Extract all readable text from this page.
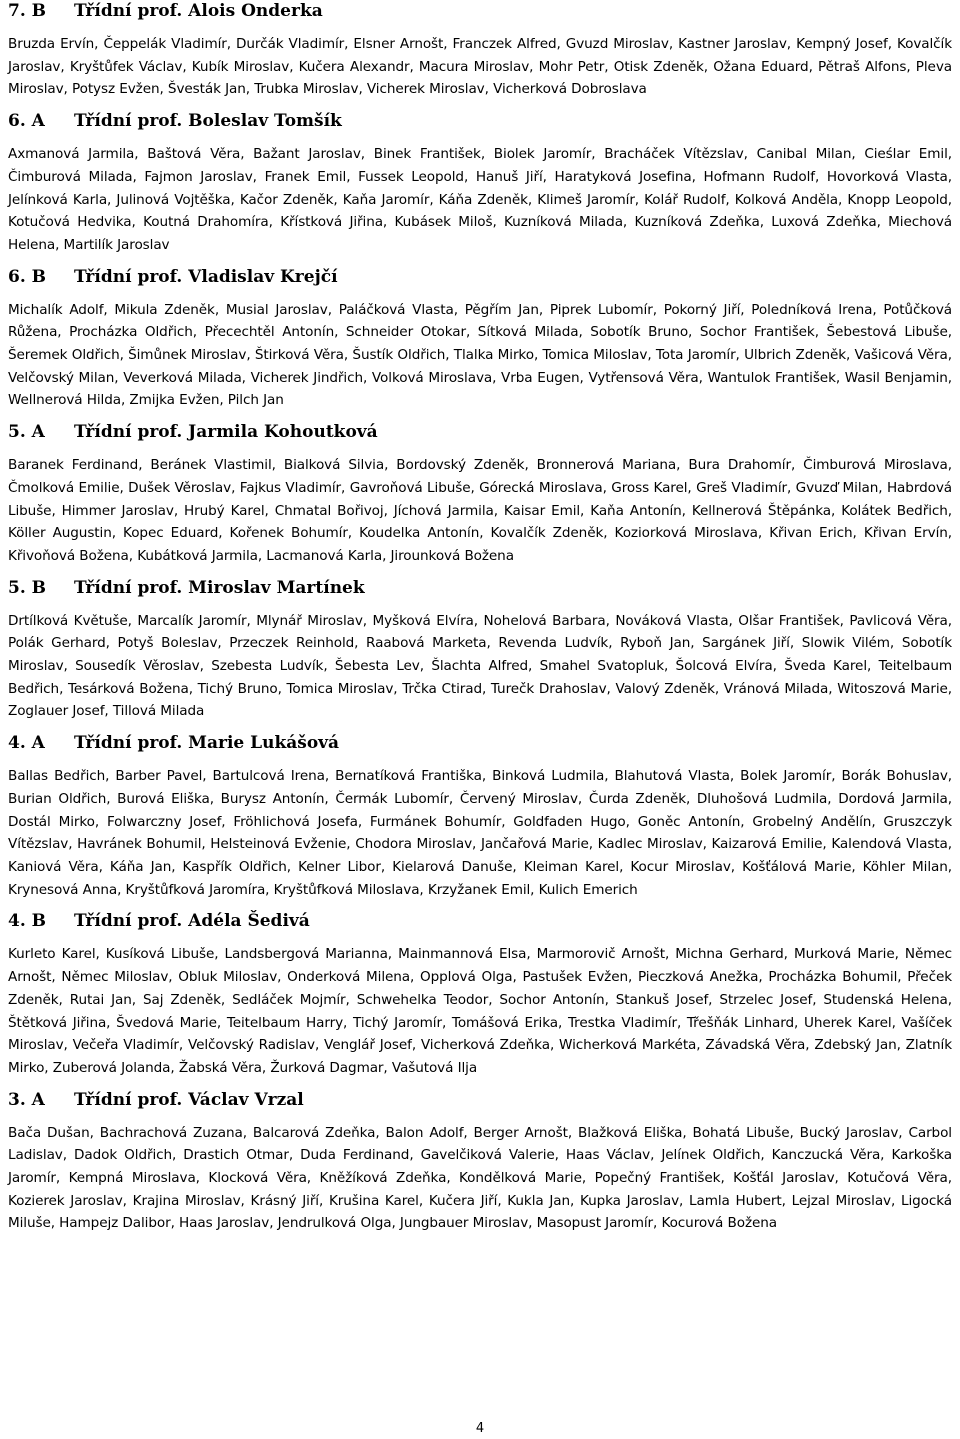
7. B Třídní prof. Alois Onderka

Bruzda Ervín, Čeppelák Vladimír, Durčák Vladimír, Elsner Arnošt, Franczek Alfred, Gvuzd Miroslav, Kastner Jaroslav, Kempný Josef, Kovalčík Jaroslav, Kryštůfek Václav, Kubík Miroslav, Kučera Alexandr, Macura Miroslav, Mohr Petr, Otisk Zdeněk, Ožana Eduard, Pětraš Alfons, Pleva Miroslav, Potysz Evžen, Švesták Jan, Trubka Miroslav, Vicherek Miroslav, Vicherková Dobroslava

6. A Třídní prof. Boleslav Tomšík

Axmanová Jarmila, Baštová Věra, Bažant Jaroslav, Binek František, Biolek Jaromír, Bracháček Vítězslav, Canibal Milan, Cieślar Emil, Čimburová Milada, Fajmon Jaroslav, Franek Emil, Fussek Leopold, Hanuš Jiří, Haratyková Josefina, Hofmann Rudolf, Hovorková Vlasta, Jelínková Karla, Julinová Vojtěška, Kačor Zdeněk, Kaňa Jaromír, Káňa Zdeněk, Klimeš Jaromír, Kolář Rudolf, Kolková Anděla, Knopp Leopold, Kotučová Hedvika, Koutná Drahomíra, Křístková Jiřina, Kubásek Miloš, Kuzníková Milada, Kuzníková Zdeňka, Luxová Zdeňka, Miechová Helena, Martilík Jaroslav

6. B Třídní prof. Vladislav Krejčí

Michalík Adolf, Mikula Zdeněk, Musial Jaroslav, Paláčková Vlasta, Pěgřím Jan, Piprek Lubomír, Pokorný Jiří, Poledníková Irena, Potůčková Růžena, Procházka Oldřich, Přecechtěl Antonín, Schneider Otokar, Sítková Milada, Sobotík Bruno, Sochor František, Šebestová Libuše, Šeremek Oldřich, Šimůnek Miroslav, Štirková Věra, Šustík Oldřich, Tlalka Mirko, Tomica Miloslav, Tota Jaromír, Ulbrich Zdeněk, Vašicová Věra, Velčovský Milan, Veverková Milada, Vicherek Jindřich, Volková Miroslava, Vrba Eugen, Vytřensová Věra, Wantulok František, Wasil Benjamin, Wellnerová Hilda, Zmijka Evžen, Pilch Jan

5. A Třídní prof. Jarmila Kohoutková

Baranek Ferdinand, Beránek Vlastimil, Bialková Silvia, Bordovský Zdeněk, Bronnerová Mariana, Bura Drahomír, Čimburová Miroslava, Čmolková Emilie, Dušek Věroslav, Fajkus Vladimír, Gavroňová Libuše, Górecká Miroslava, Gross Karel, Greš Vladimír, Gvuzď Milan, Habrdová Libuše, Himmer Jaroslav, Hrubý Karel, Chmatal Bořivoj, Jíchová Jarmila, Kaisar Emil, Kaňa Antonín, Kellnerová Štěpánka, Kolátek Bedřich, Köller Augustin, Kopec Eduard, Kořenek Bohumír, Koudelka Antonín, Kovalčík Zdeněk, Koziorková Miroslava, Křivan Erich, Křivan Ervín, Křivoňová Božena, Kubátková Jarmila, Lacmanová Karla, Jirounková Božena

5. B Třídní prof. Miroslav Martínek

Drtílková Květuše, Marcalík Jaromír, Mlynář Miroslav, Myšková Elvíra, Nohelová Barbara, Nováková Vlasta, Olšar František, Pavlicová Věra, Polák Gerhard, Potyš Boleslav, Przeczek Reinhold, Raabová Marketa, Revenda Ludvík, Ryboň Jan, Sargánek Jiří, Slowik Vilém, Sobotík Miroslav, Sousedík Věroslav, Szebesta Ludvík, Šebesta Lev, Šlachta Alfred, Smahel Svatopluk, Šolcová Elvíra, Šveda Karel, Teitelbaum Bedřich, Tesárková Božena, Tichý Bruno, Tomica Miroslav, Trčka Ctirad, Turečk Drahoslav, Valový Zdeněk, Vránová Milada, Witoszová Marie, Zoglauer Josef, Tillová Milada

4. A Třídní prof. Marie Lukášová

Ballas Bedřich, Barber Pavel, Bartulcová Irena, Bernatíková Františka, Binková Ludmila, Blahutová Vlasta, Bolek Jaromír, Borák Bohuslav, Burian Oldřich, Burová Eliška, Burysz Antonín, Čermák Lubomír, Červený Miroslav, Čurda Zdeněk, Dluhošová Ludmila, Dordová Jarmila, Dostál Mirko, Folwarczny Josef, Fröhlichová Josefa, Furmánek Bohumír, Goldfaden Hugo, Goněc Antonín, Grobelný Andělín, Gruszczyk Vítězslav, Havránek Bohumil, Helsteinová Evženie, Chodora Miroslav, Jančařová Marie, Kadlec Miroslav, Kaizarová Emilie, Kalendová Vlasta, Kaniová Věra, Káňa Jan, Kaspřík Oldřich, Kelner Libor, Kielarová Danuše, Kleiman Karel, Kocur Miroslav, Košťálová Marie, Köhler Milan, Krynesová Anna, Kryštůfková Jaromíra, Kryštůfková Miloslava, Krzyžanek Emil, Kulich Emerich

4. B Třídní prof. Adéla Šedivá

Kurleto Karel, Kusíková Libuše, Landsbergová Marianna, Mainmannová Elsa, Marmorovič Arnošt, Michna Gerhard, Murková Marie, Němec Arnošt, Němec Miloslav, Obluk Miloslav, Onderková Milena, Opplová Olga, Pastušek Evžen, Pieczková Anežka, Procházka Bohumil, Přeček Zdeněk, Rutai Jan, Saj Zdeněk, Sedláček Mojmír, Schwehelka Teodor, Sochor Antonín, Stankuš Josef, Strzelec Josef, Studenská Helena, Štětková Jiřina, Švedová Marie, Teitelbaum Harry, Tichý Jaromír, Tomášová Erika, Trestka Vladimír, Třešňák Linhard, Uherek Karel, Vašíček Miroslav, Večeřa Vladimír, Velčovský Radislav, Venglář Josef, Vicherková Zdeňka, Wicherková Markéta, Závadská Věra, Zdebský Jan, Zlatník Mirko, Zuberová Jolanda, Žabská Věra, Žurková Dagmar, Vašutová Ilja

3. A Třídní prof. Václav Vrzal

Bača Dušan, Bachrachová Zuzana, Balcarová Zdeňka, Balon Adolf, Berger Arnošt, Blažková Eliška, Bohatá Libuše, Bucký Jaroslav, Carbol Ladislav, Dadok Oldřich, Drastich Otmar, Duda Ferdinand, Gavelčiková Valerie, Haas Václav, Jelínek Oldřich, Kanczucká Věra, Karkoška Jaromír, Kempná Miroslava, Klocková Věra, Kněžíková Zdeňka, Kondělková Marie, Popečný František, Košťál Jaroslav, Kotučová Věra, Kozierek Jaroslav, Krajina Miroslav, Krásný Jiří, Krušina Karel, Kučera Jiří, Kukla Jan, Kupka Jaroslav, Lamla Hubert, Lejzal Miroslav, Ligocká Miluše, Hampejz Dalibor, Haas Jaroslav, Jendrulková Olga, Jungbauer Miroslav, Masopust Jaromír, Kocurová Božena

4
